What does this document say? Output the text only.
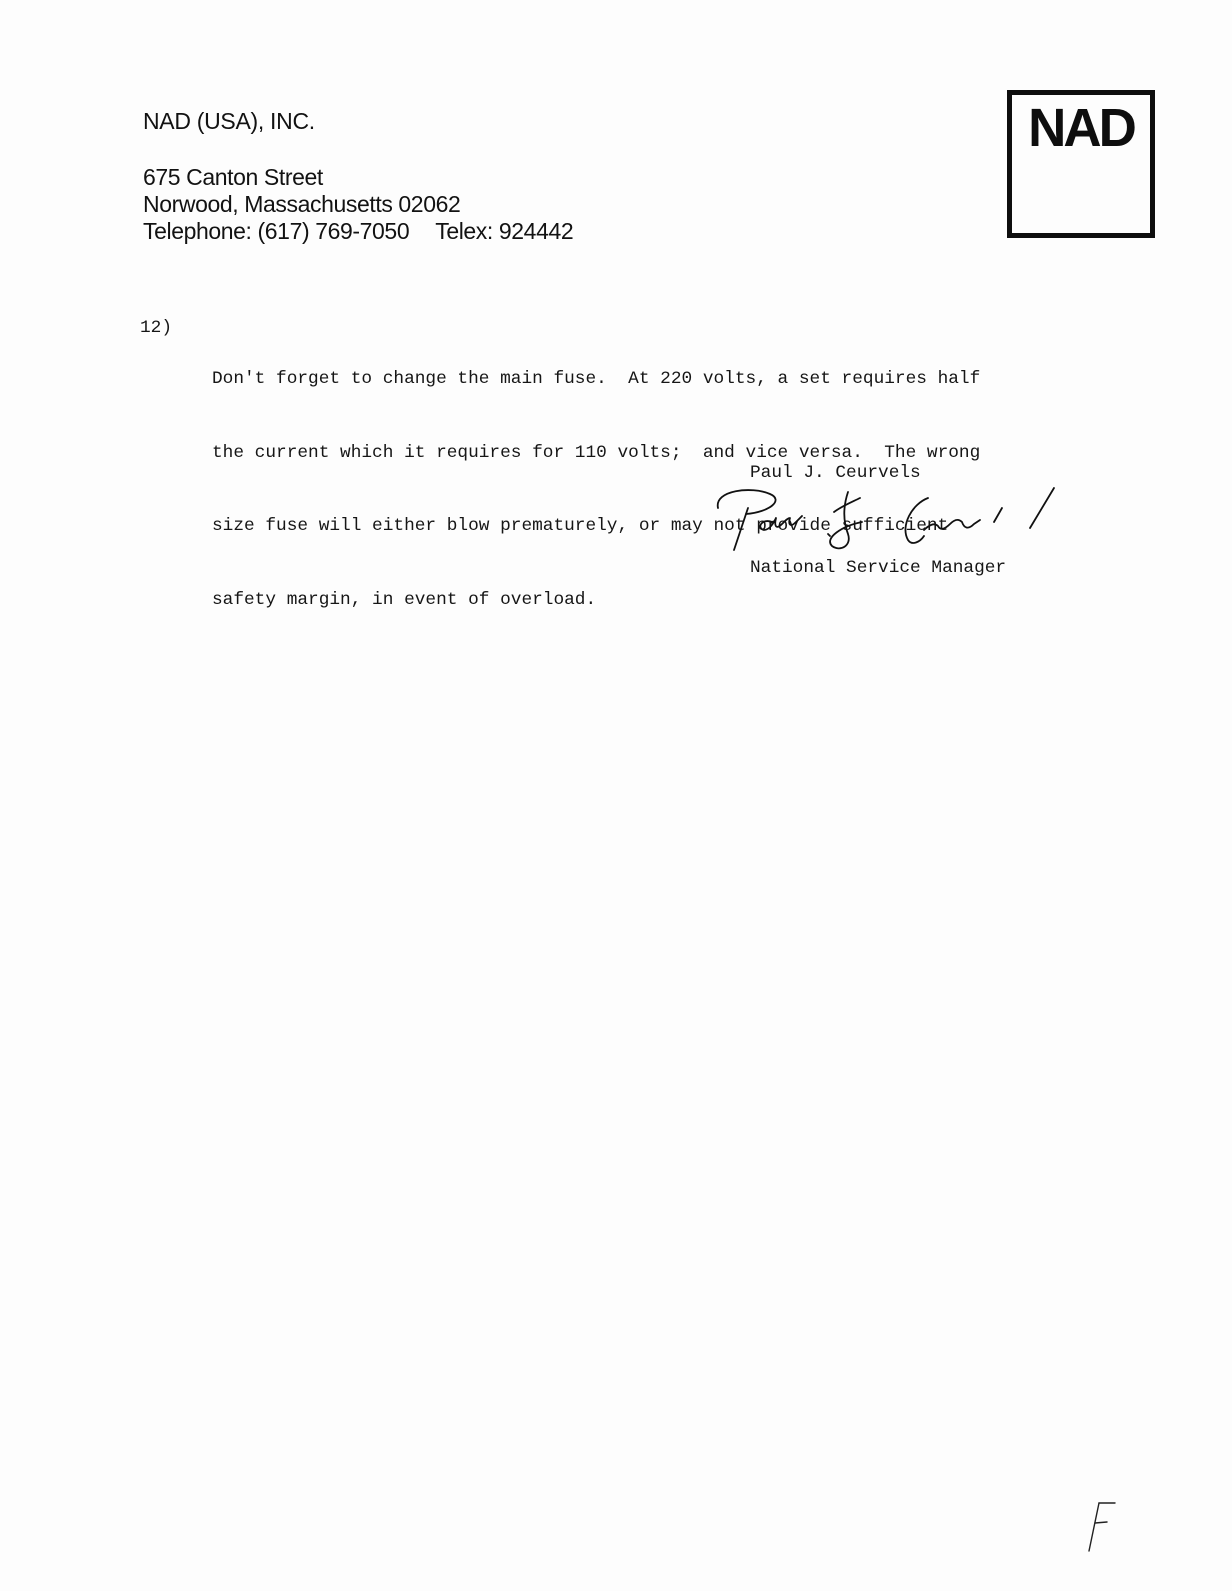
NAD (USA), INC.
675 Canton Street
Norwood, Massachusetts 02062
Telephone: (617) 769-7050 Telex: 924442
NAD
12)

Don't forget to change the main fuse.  At 220 volts, a set requires half

the current which it requires for 110 volts;  and vice versa.  The wrong

size fuse will either blow prematurely, or may not provide sufficient

safety margin, in event of overload.

Paul J. Ceurvels
National Service Manager
